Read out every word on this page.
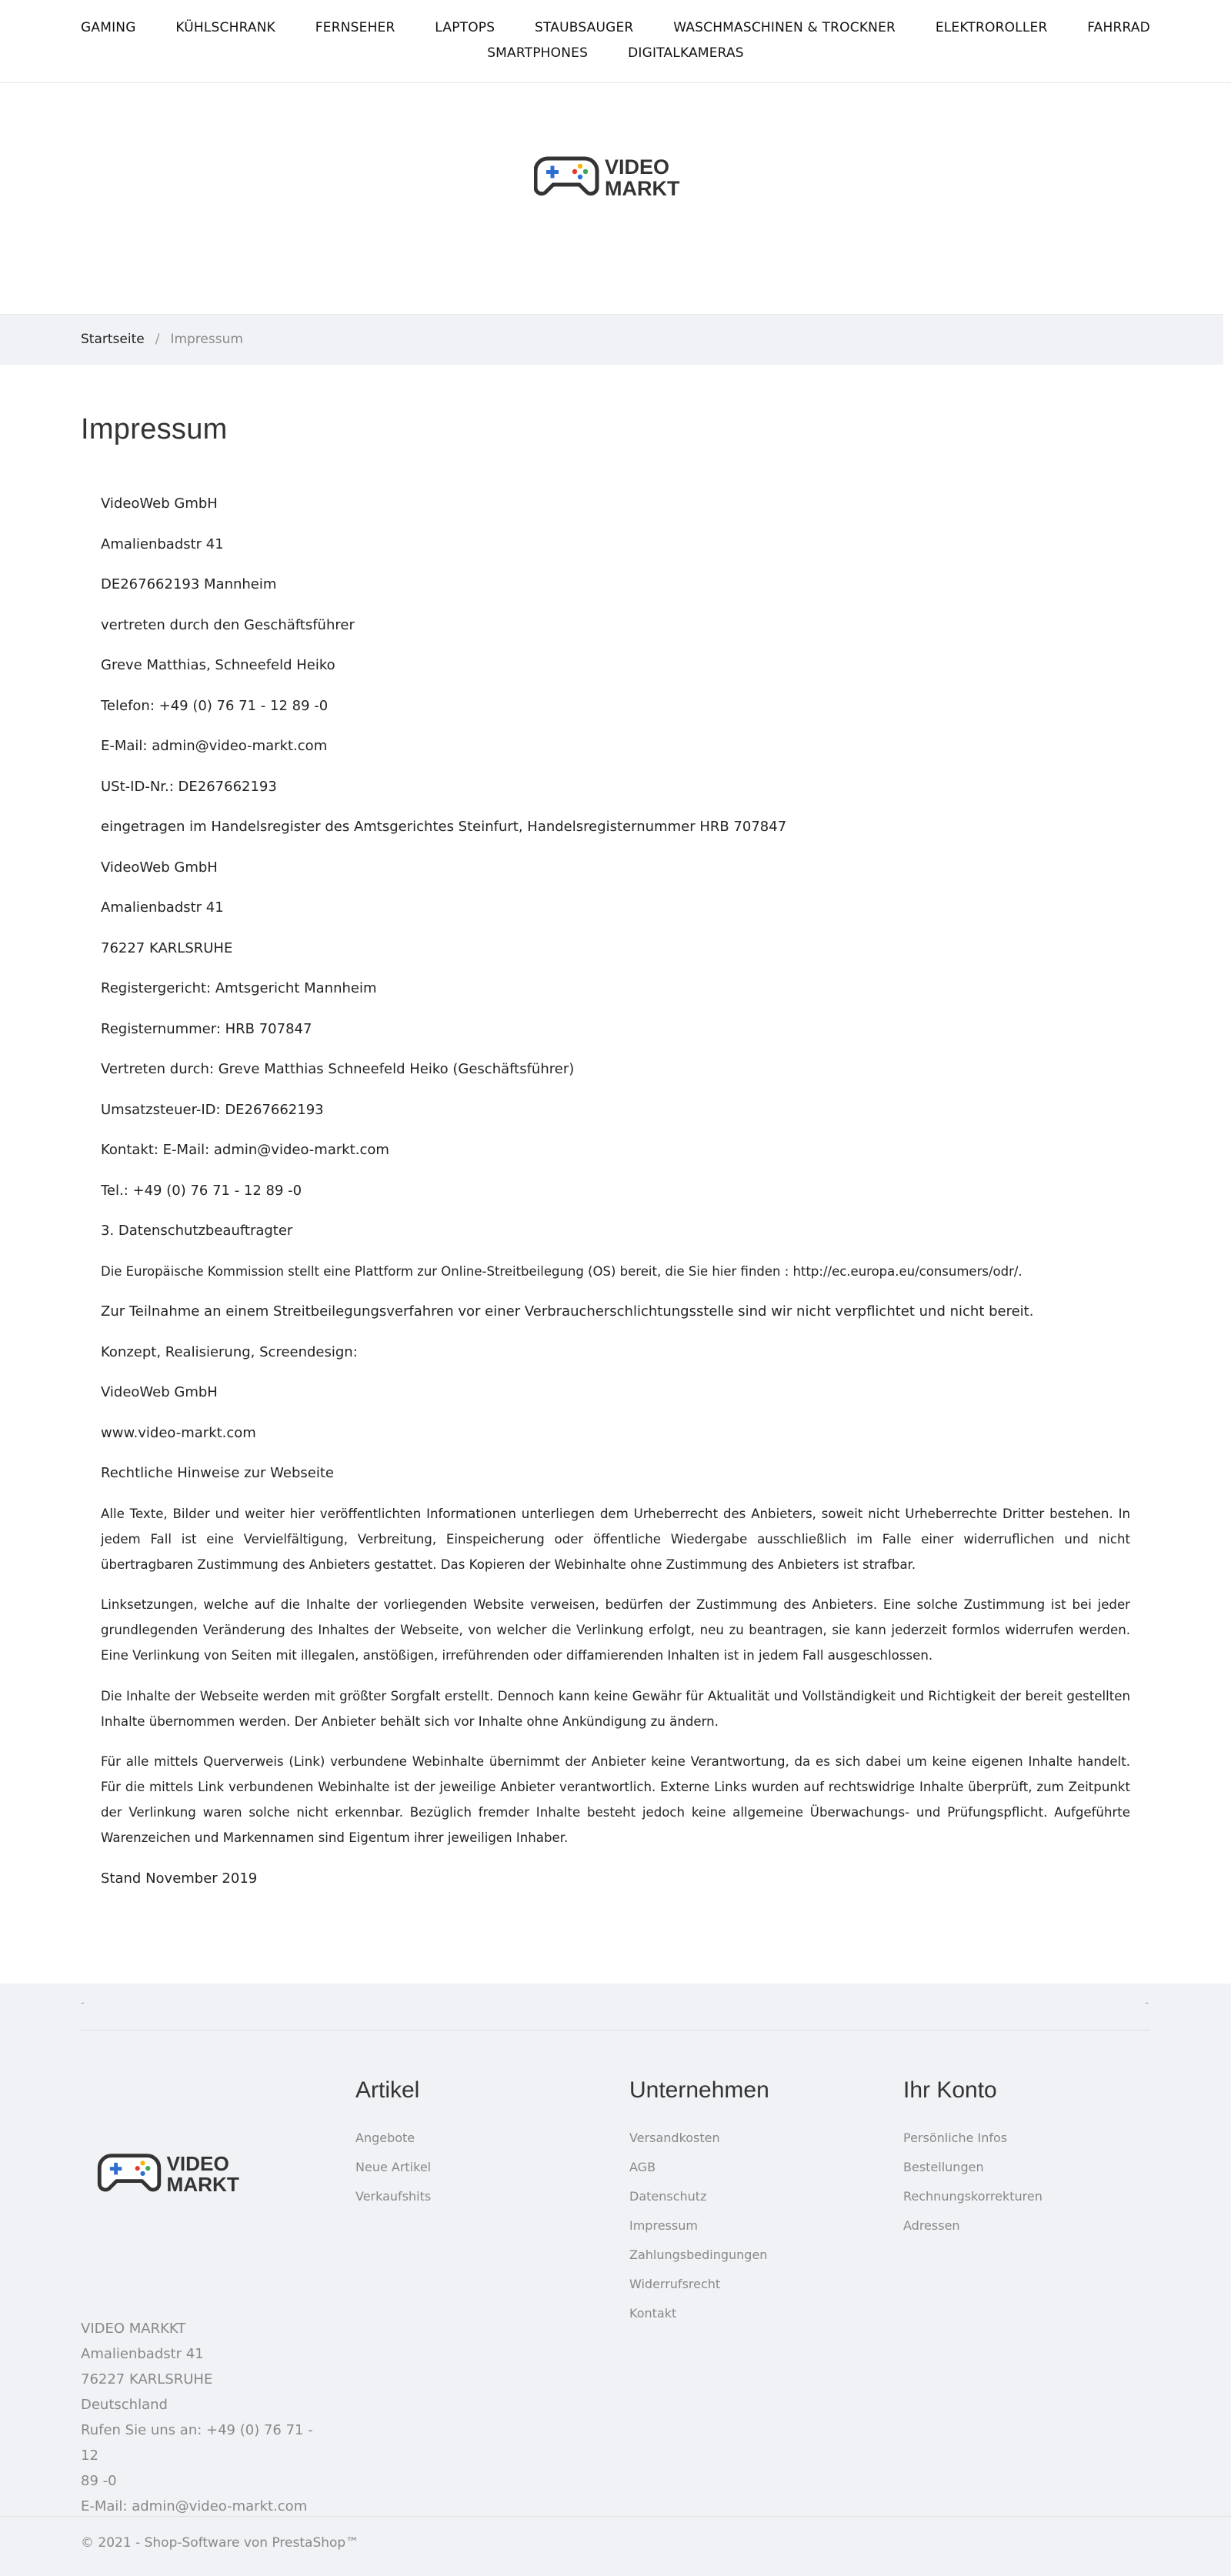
GAMING	KÜHLSCHRANK	FERNSEHER	LAPTOPS	STAUBSAUGER	WASCHMASCHINEN & TROCKNER	ELEKTROROLLER	FAHRRAD
SMARTPHONES	DIGITALKAMERAS
VIDEO
MARKT
Startseite / Impressum
Impressum

VideoWeb GmbH

Amalienbadstr 41

DE267662193 Mannheim

vertreten durch den Geschäftsführer

Greve Matthias, Schneefeld Heiko

Telefon: +49 (0) 76 71 - 12 89 -0

E-Mail: admin@video-markt.com

USt-ID-Nr.: DE267662193

eingetragen im Handelsregister des Amtsgerichtes Steinfurt, Handelsregisternummer HRB 707847

VideoWeb GmbH

Amalienbadstr 41

76227 KARLSRUHE

Registergericht: Amtsgericht Mannheim

Registernummer: HRB 707847

Vertreten durch: Greve Matthias Schneefeld Heiko (Geschäftsführer)

Umsatzsteuer-ID: DE267662193

Kontakt: E-Mail: admin@video-markt.com

Tel.: +49 (0) 76 71 - 12 89 -0

3. Datenschutzbeauftragter

Die Europäische Kommission stellt eine Plattform zur Online-Streitbeilegung (OS) bereit, die Sie hier finden : http://ec.europa.eu/consumers/odr/.

Zur Teilnahme an einem Streitbeilegungsverfahren vor einer Verbraucherschlichtungsstelle sind wir nicht verpflichtet und nicht bereit.

Konzept, Realisierung, Screendesign:

VideoWeb GmbH

www.video-markt.com

Rechtliche Hinweise zur Webseite

Alle Texte, Bilder und weiter hier veröffentlichten Informationen unterliegen dem Urheberrecht des Anbieters, soweit nicht Urheberrechte Dritter bestehen. In jedem Fall ist eine Vervielfältigung, Verbreitung, Einspeicherung oder öffentliche Wiedergabe ausschließlich im Falle einer widerruflichen und nicht übertragbaren Zustimmung des Anbieters gestattet. Das Kopieren der Webinhalte ohne Zustimmung des Anbieters ist strafbar.

Linksetzungen, welche auf die Inhalte der vorliegenden Website verweisen, bedürfen der Zustimmung des Anbieters. Eine solche Zustimmung ist bei jeder grundlegenden Veränderung des Inhaltes der Webseite, von welcher die Verlinkung erfolgt, neu zu beantragen, sie kann jederzeit formlos widerrufen werden. Eine Verlinkung von Seiten mit illegalen, anstößigen, irreführenden oder diffamierenden Inhalten ist in jedem Fall ausgeschlossen.

Die Inhalte der Webseite werden mit größter Sorgfalt erstellt. Dennoch kann keine Gewähr für Aktualität und Vollständigkeit und Richtigkeit der bereit gestellten Inhalte übernommen werden. Der Anbieter behält sich vor Inhalte ohne Ankündigung zu ändern.

Für alle mittels Querverweis (Link) verbundene Webinhalte übernimmt der Anbieter keine Verantwortung, da es sich dabei um keine eigenen Inhalte handelt. Für die mittels Link verbundenen Webinhalte ist der jeweilige Anbieter verantwortlich. Externe Links wurden auf rechtswidrige Inhalte überprüft, zum Zeitpunkt der Verlinkung waren solche nicht erkennbar. Bezüglich fremder Inhalte besteht jedoch keine allgemeine Überwachungs- und Prüfungspflicht. Aufgeführte Warenzeichen und Markennamen sind Eigentum ihrer jeweiligen Inhaber.

Stand November 2019

-	-
VIDEO
MARKT
Artikel
Angebote
Neue Artikel
Verkaufshits
Unternehmen
Versandkosten
AGB
Datenschutz
Impressum
Zahlungsbedingungen
Widerrufsrecht
Kontakt
Ihr Konto
Persönliche Infos
Bestellungen
Rechnungskorrekturen
Adressen
VIDEO MARKKT
Amalienbadstr 41
76227 KARLSRUHE
Deutschland
Rufen Sie uns an: +49 (0) 76 71 - 12
89 -0
E-Mail: admin@video-markt.com
© 2021 - Shop-Software von PrestaShop™
